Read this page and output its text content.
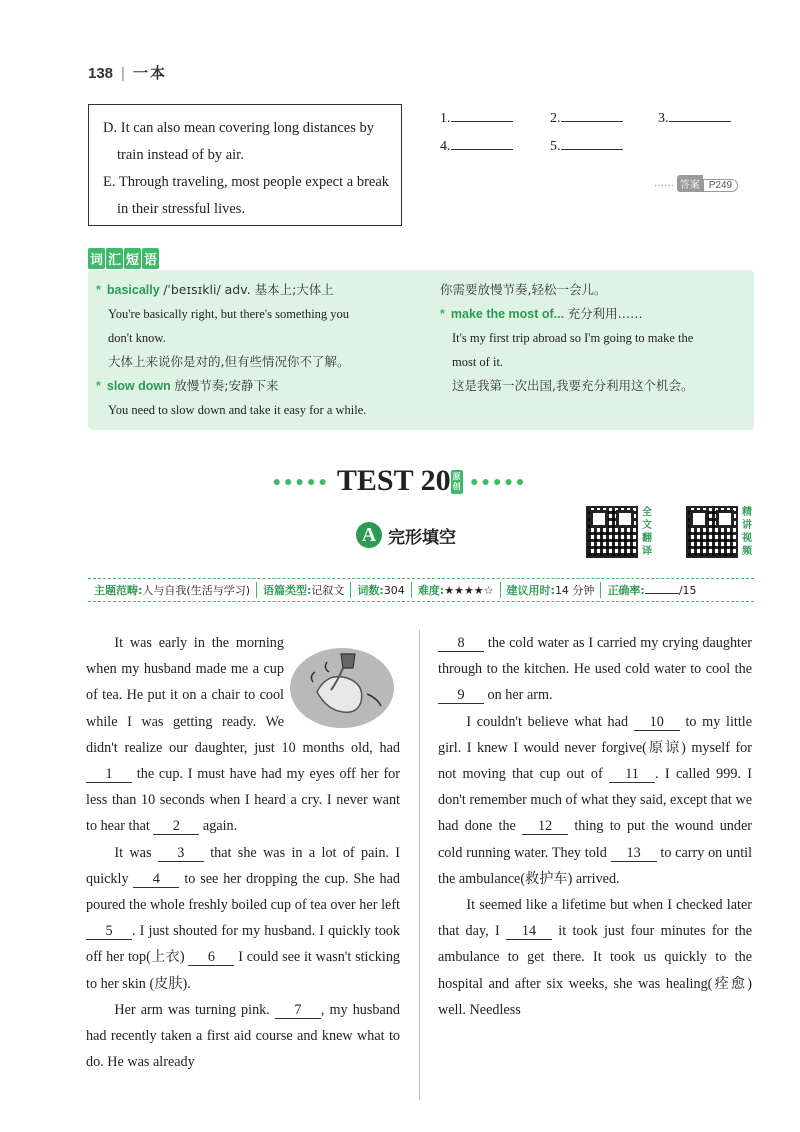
138 | 一本

D. It can also mean covering long distances by train instead of by air.

E. Through traveling, most people expect a break in their stressful lives.

1.	2.	3.
4.	5.
······ 答案 P249
词 汇 短 语
* basically /ˈbeɪsɪkli/ adv. 基本上;大体上
You're basically right, but there's something you
don't know.
大体上来说你是对的,但有些情况你不了解。
* slow down 放慢节奏;安静下来
You need to slow down and take it easy for a while.
你需要放慢节奏,轻松一会儿。
* make the most of... 充分利用……
It's my first trip abroad so I'm going to make the
most of it.
这是我第一次出国,我要充分利用这个机会。
●●●●● TEST 20 原创 ●●●●●
A 完形填空
全
文
翻
译
精
讲
视
频
主题范畴:人与自我(生活与学习)	语篇类型:记叙文	词数:304	难度:★★★★☆	建议用时:14 分钟	正确率:	/15

It was early in the morning when my husband made me a cup of tea. He put it on a chair to cool while I was getting ready. We didn't realize our daughter, just 10 months old, had 1 the cup. I must have had my eyes off her for less than 10 seconds when I heard a cry. I never want to hear that 2 again.

It was 3 that she was in a lot of pain. I quickly 4 to see her dropping the cup. She had poured the whole freshly boiled cup of tea over her left 5 . I just shouted for my husband. I quickly took off her top(上衣) 6 I could see it wasn't sticking to her skin (皮肤).

Her arm was turning pink. 7 , my husband had recently taken a first aid course and knew what to do. He was already

8 the cold water as I carried my crying daughter through to the kitchen. He used cold water to cool the 9 on her arm.

I couldn't believe what had 10 to my little girl. I knew I would never forgive(原谅) myself for not moving that cup out of 11 . I called 999. I don't remember much of what they said, except that we had done the 12 thing to put the wound under cold running water. They told 13 to carry on until the ambulance(救护车) arrived.

It seemed like a lifetime but when I checked later that day, I 14 it took just four minutes for the ambulance to get there. It took us quickly to the hospital and after six weeks, she was healing(痊愈) well. Needless
